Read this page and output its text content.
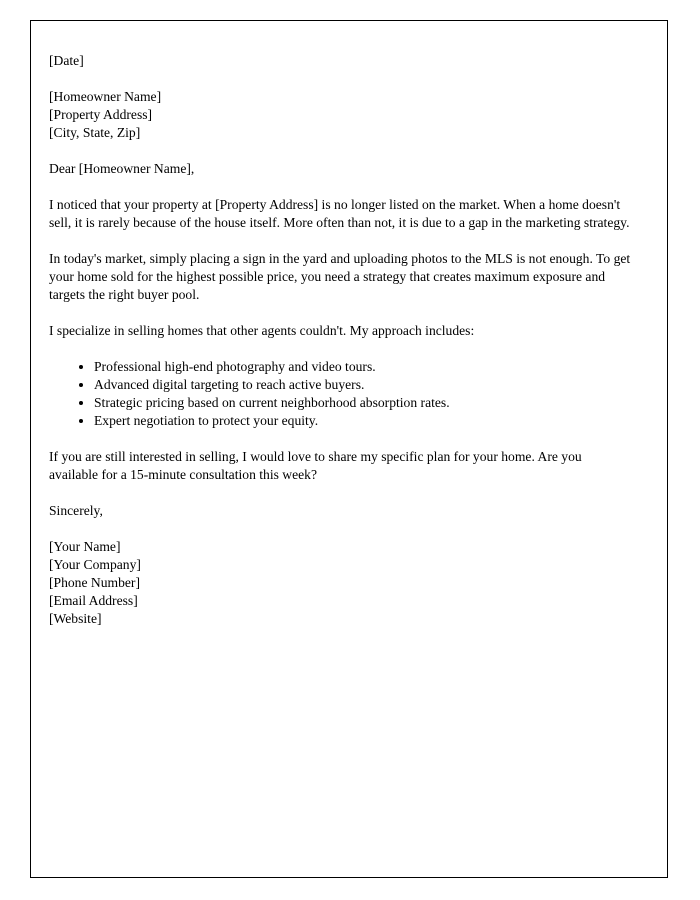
[Date]
[Homeowner Name]
[Property Address]
[City, State, Zip]

Dear [Homeowner Name],

I noticed that your property at [Property Address] is no longer listed on the market. When a home doesn't sell, it is rarely because of the house itself. More often than not, it is due to a gap in the marketing strategy.

In today's market, simply placing a sign in the yard and uploading photos to the MLS is not enough. To get your home sold for the highest possible price, you need a strategy that creates maximum exposure and targets the right buyer pool.

I specialize in selling homes that other agents couldn't. My approach includes:

• Professional high-end photography and video tours.
• Advanced digital targeting to reach active buyers.
• Strategic pricing based on current neighborhood absorption rates.
• Expert negotiation to protect your equity.

If you are still interested in selling, I would love to share my specific plan for your home. Are you available for a 15-minute consultation this week?

Sincerely,

[Your Name]
[Your Company]
[Phone Number]
[Email Address]
[Website]
